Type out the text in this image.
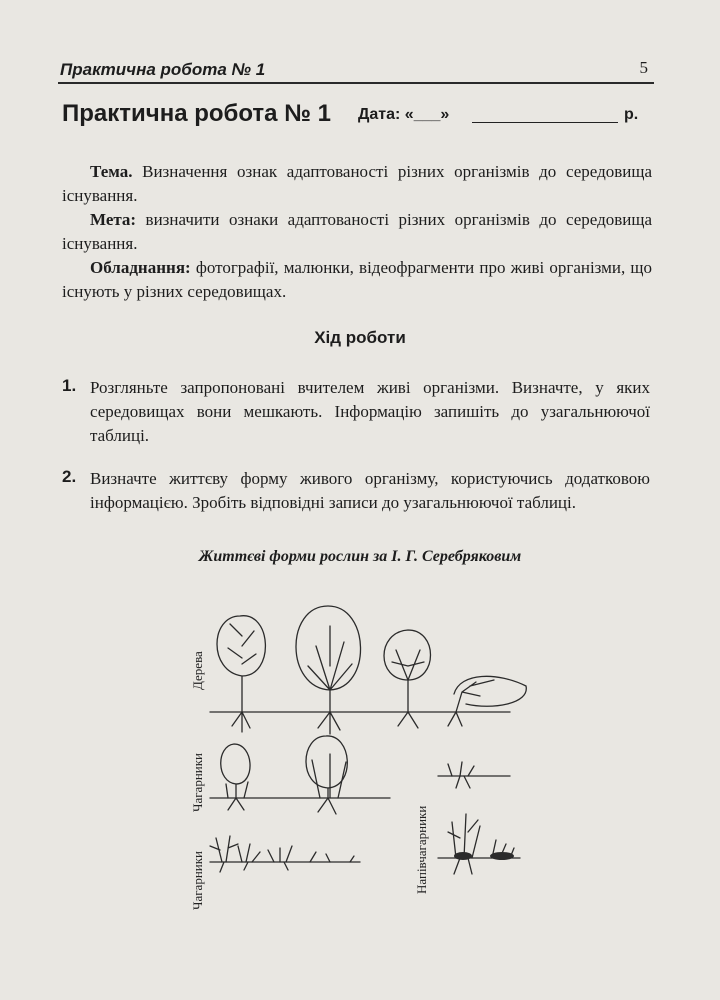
Практична робота № 1	5
Практична робота № 1 Дата: «___»	р.
Тема. Визначення ознак адаптованості різних організмів до середовища існування.
Мета: визначити ознаки адаптованості різних організмів до середовища існування.
Обладнання: фотографії, малюнки, відеофрагменти про живі організми, що існують у різних середовищах.
Хід роботи
1. Розгляньте запропоновані вчителем живі організми. Визначте, у яких середовищах вони мешкають. Інформацію запишіть до узагальнюючої таблиці.
2. Визначте життєву форму живого організму, користуючись додатковою інформацією. Зробіть відповідні записи до узагальнюючої таблиці.
Життєві форми рослин за І. Г. Серебряковим
Дерева
Чагарники
Чагарники	Напівчагарники
